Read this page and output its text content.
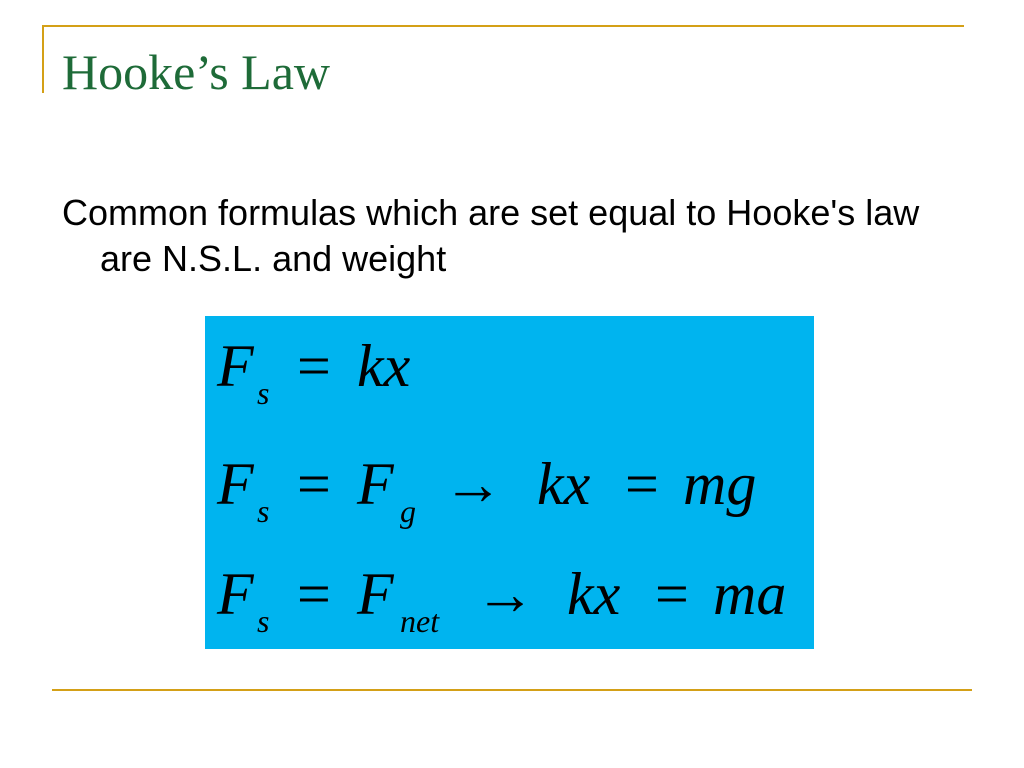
Hooke’s Law
Common formulas which are set equal to Hooke's law are N.S.L. and weight
F s = kx
F s = F g → kx = mg
F s = F net → kx = ma
